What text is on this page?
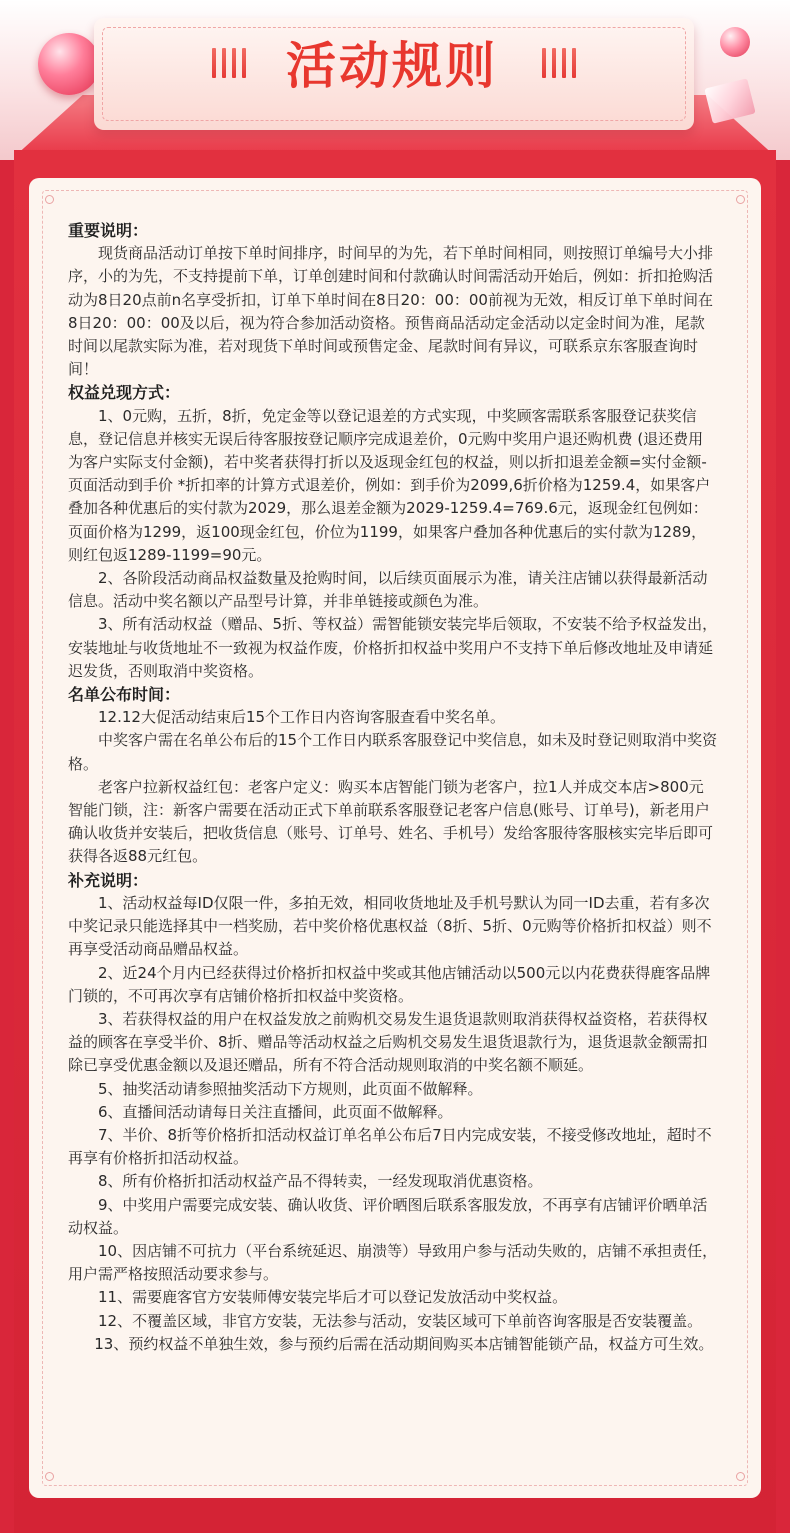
活动规则
重要说明：

现货商品活动订单按下单时间排序，时间早的为先，若下单时间相同，则按照订单编号大小排序，小的为先，不支持提前下单，订单创建时间和付款确认时间需活动开始后，例如：折扣抢购活动为8日20点前n名享受折扣，订单下单时间在8日20：00：00前视为无效，相反订单下单时间在8日20：00：00及以后，视为符合参加活动资格。预售商品活动定金活动以定金时间为准，尾款时间以尾款实际为准，若对现货下单时间或预售定金、尾款时间有异议，可联系京东客服查询时间！

权益兑现方式：

1、0元购，五折，8折，免定金等以登记退差的方式实现，中奖顾客需联系客服登记获奖信息，登记信息并核实无误后待客服按登记顺序完成退差价，0元购中奖用户退还购机费 (退还费用为客户实际支付金额)，若中奖者获得打折以及返现金红包的权益，则以折扣退差金额=实付金额-页面活动到手价 *折扣率的计算方式退差价，例如：到手价为2099,6折价格为1259.4，如果客户叠加各种优惠后的实付款为2029，那么退差金额为2029-1259.4=769.6元，返现金红包例如：页面价格为1299，返100现金红包，价位为1199，如果客户叠加各种优惠后的实付款为1289，则红包返1289-1199=90元。

2、各阶段活动商品权益数量及抢购时间，以后续页面展示为准，请关注店铺以获得最新活动信息。活动中奖名额以产品型号计算，并非单链接或颜色为准。

3、所有活动权益（赠品、5折、等权益）需智能锁安装完毕后领取，不安装不给予权益发出，安装地址与收货地址不一致视为权益作废，价格折扣权益中奖用户不支持下单后修改地址及申请延迟发货，否则取消中奖资格。

名单公布时间：

12.12大促活动结束后15个工作日内咨询客服查看中奖名单。

中奖客户需在名单公布后的15个工作日内联系客服登记中奖信息，如未及时登记则取消中奖资格。

老客户拉新权益红包：老客户定义：购买本店智能门锁为老客户，拉1人并成交本店>800元智能门锁，注：新客户需要在活动正式下单前联系客服登记老客户信息(账号、订单号)，新老用户确认收货并安装后，把收货信息（账号、订单号、姓名、手机号）发给客服待客服核实完毕后即可获得各返88元红包。

补充说明：

1、活动权益每ID仅限一件，多拍无效，相同收货地址及手机号默认为同一ID去重，若有多次中奖记录只能选择其中一档奖励，若中奖价格优惠权益（8折、5折、0元购等价格折扣权益）则不再享受活动商品赠品权益。

2、近24个月内已经获得过价格折扣权益中奖或其他店铺活动以500元以内花费获得鹿客品牌门锁的，不可再次享有店铺价格折扣权益中奖资格。

3、若获得权益的用户在权益发放之前购机交易发生退货退款则取消获得权益资格，若获得权益的顾客在享受半价、8折、赠品等活动权益之后购机交易发生退货退款行为，退货退款金额需扣除已享受优惠金额以及退还赠品，所有不符合活动规则取消的中奖名额不顺延。

5、抽奖活动请参照抽奖活动下方规则，此页面不做解释。

6、直播间活动请每日关注直播间，此页面不做解释。

7、半价、8折等价格折扣活动权益订单名单公布后7日内完成安装，不接受修改地址，超时不再享有价格折扣活动权益。

8、所有价格折扣活动权益产品不得转卖，一经发现取消优惠资格。

9、中奖用户需要完成安装、确认收货、评价晒图后联系客服发放，不再享有店铺评价晒单活动权益。

10、因店铺不可抗力（平台系统延迟、崩溃等）导致用户参与活动失败的，店铺不承担责任，用户需严格按照活动要求参与。

11、需要鹿客官方安装师傅安装完毕后才可以登记发放活动中奖权益。

12、不覆盖区域，非官方安装，无法参与活动，安装区域可下单前咨询客服是否安装覆盖。

13、预约权益不单独生效，参与预约后需在活动期间购买本店铺智能锁产品，权益方可生效。
